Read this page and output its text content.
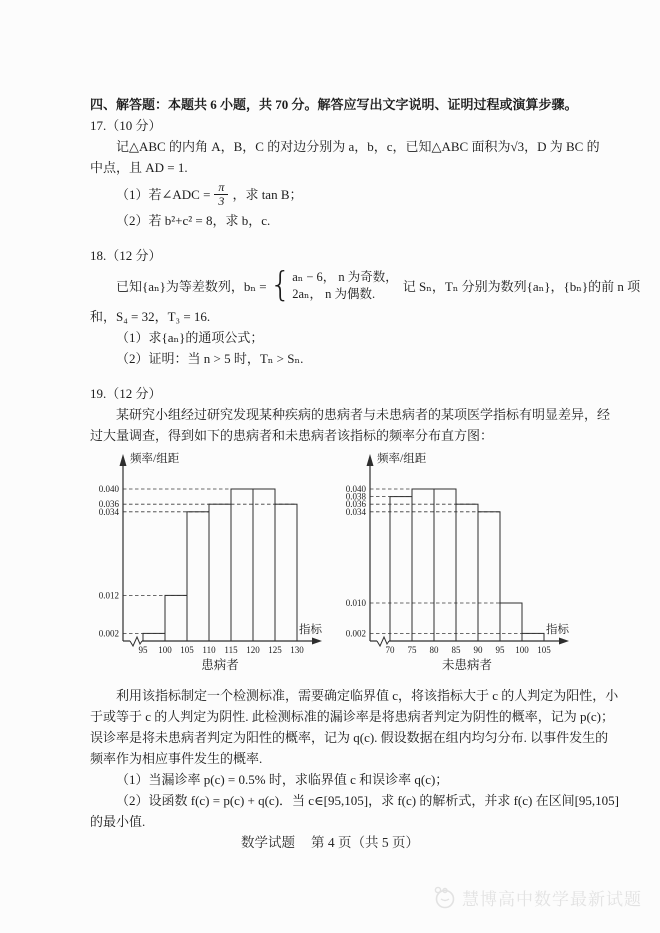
四、解答题：本题共 6 小题，共 70 分。解答应写出文字说明、证明过程或演算步骤。
17.（10 分）
记△ABC 的内角 A，B，C 的对边分别为 a，b，c，已知△ABC 面积为√3，D 为 BC 的
中点，且 AD = 1.
（1）若∠ADC = $\frac{\pi}{3}$ ，求 tan B；
（2）若 b²+c² = 8，求 b，c.
18.（12 分）
已知{aₙ}为等差数列，bₙ = { aₙ − 6， n 为奇数，
2aₙ， n 为偶数.
记 Sₙ，Tₙ 分别为数列{aₙ}，{bₙ}的前 n 项
和，S₄ = 32，T₃ = 16.
（1）求{aₙ}的通项公式；
（2）证明：当 n > 5 时，Tₙ > Sₙ.
19.（12 分）
某研究小组经过研究发现某种疾病的患病者与未患病者的某项医学指标有明显差异，经
过大量调查，得到如下的患病者和未患病者该指标的频率分布直方图：
0.040
0.036
0.034
0.012
0.002
95 100 105 110 115 120 125 130
频率/组距
指标
患病者
0.040
0.038
0.036
0.034
0.010
0.002
70 75 80 85 90 95 100 105
频率/组距
指标
未患病者
利用该指标制定一个检测标准，需要确定临界值 c，将该指标大于 c 的人判定为阳性，小
于或等于 c 的人判定为阴性. 此检测标准的漏诊率是将患病者判定为阴性的概率，记为 p(c)；
误诊率是将未患病者判定为阳性的概率，记为 q(c). 假设数据在组内均匀分布. 以事件发生的
频率作为相应事件发生的概率.
（1）当漏诊率 p(c) = 0.5% 时，求临界值 c 和误诊率 q(c)；
（2）设函数 f(c) = p(c) + q(c)．当 c∈[95,105]，求 f(c) 的解析式，并求 f(c) 在区间[95,105]
的最小值.
数学试题 第 4 页（共 5 页）
慧博高中数学最新试题
